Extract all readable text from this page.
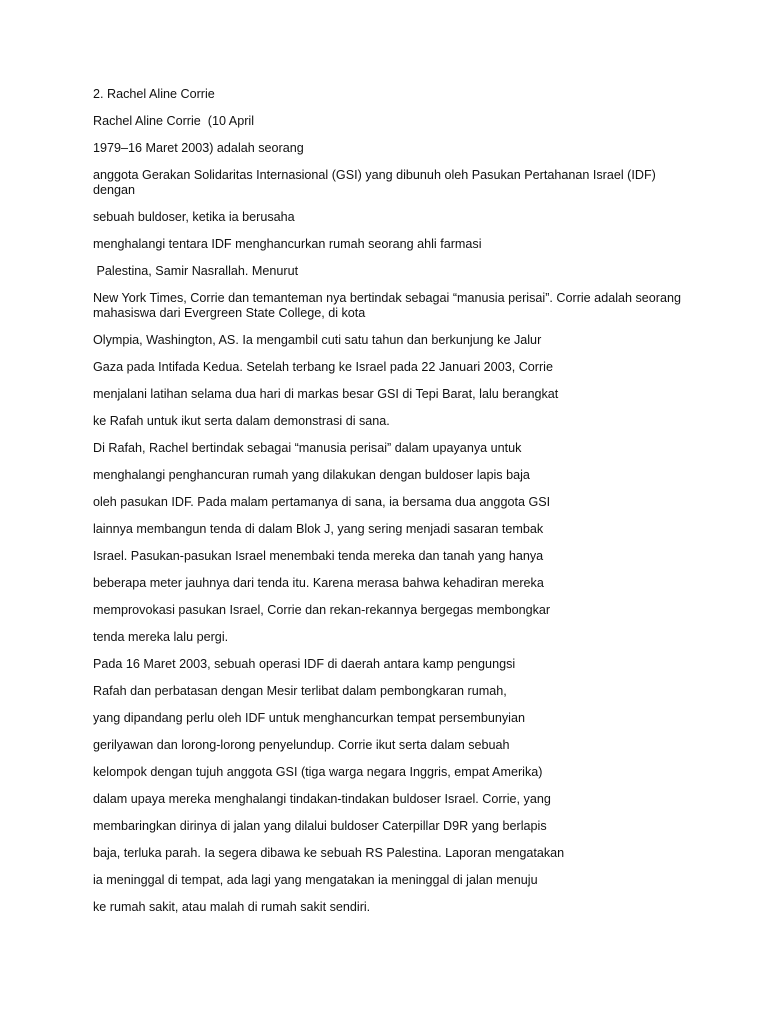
2. Rachel Aline Corrie

Rachel Aline Corrie  (10 April

1979–16 Maret 2003) adalah seorang

anggota Gerakan Solidaritas Internasional (GSI) yang dibunuh oleh Pasukan Pertahanan Israel (IDF) dengan

sebuah buldoser, ketika ia berusaha

menghalangi tentara IDF menghancurkan rumah seorang ahli farmasi

Palestina, Samir Nasrallah. Menurut

New York Times, Corrie dan temanteman nya bertindak sebagai “manusia perisai”. Corrie adalah seorang mahasiswa dari Evergreen State College, di kota

Olympia, Washington, AS. Ia mengambil cuti satu tahun dan berkunjung ke Jalur

Gaza pada Intifada Kedua. Setelah terbang ke Israel pada 22 Januari 2003, Corrie

menjalani latihan selama dua hari di markas besar GSI di Tepi Barat, lalu berangkat

ke Rafah untuk ikut serta dalam demonstrasi di sana.

Di Rafah, Rachel bertindak sebagai “manusia perisai” dalam upayanya untuk

menghalangi penghancuran rumah yang dilakukan dengan buldoser lapis baja

oleh pasukan IDF. Pada malam pertamanya di sana, ia bersama dua anggota GSI

lainnya membangun tenda di dalam Blok J, yang sering menjadi sasaran tembak

Israel. Pasukan-pasukan Israel menembaki tenda mereka dan tanah yang hanya

beberapa meter jauhnya dari tenda itu. Karena merasa bahwa kehadiran mereka

memprovokasi pasukan Israel, Corrie dan rekan-rekannya bergegas membongkar

tenda mereka lalu pergi.

Pada 16 Maret 2003, sebuah operasi IDF di daerah antara kamp pengungsi

Rafah dan perbatasan dengan Mesir terlibat dalam pembongkaran rumah,

yang dipandang perlu oleh IDF untuk menghancurkan tempat persembunyian

gerilyawan dan lorong-lorong penyelundup. Corrie ikut serta dalam sebuah

kelompok dengan tujuh anggota GSI (tiga warga negara Inggris, empat Amerika)

dalam upaya mereka menghalangi tindakan-tindakan buldoser Israel. Corrie, yang

membaringkan dirinya di jalan yang dilalui buldoser Caterpillar D9R yang berlapis

baja, terluka parah. Ia segera dibawa ke sebuah RS Palestina. Laporan mengatakan

ia meninggal di tempat, ada lagi yang mengatakan ia meninggal di jalan menuju

ke rumah sakit, atau malah di rumah sakit sendiri.
